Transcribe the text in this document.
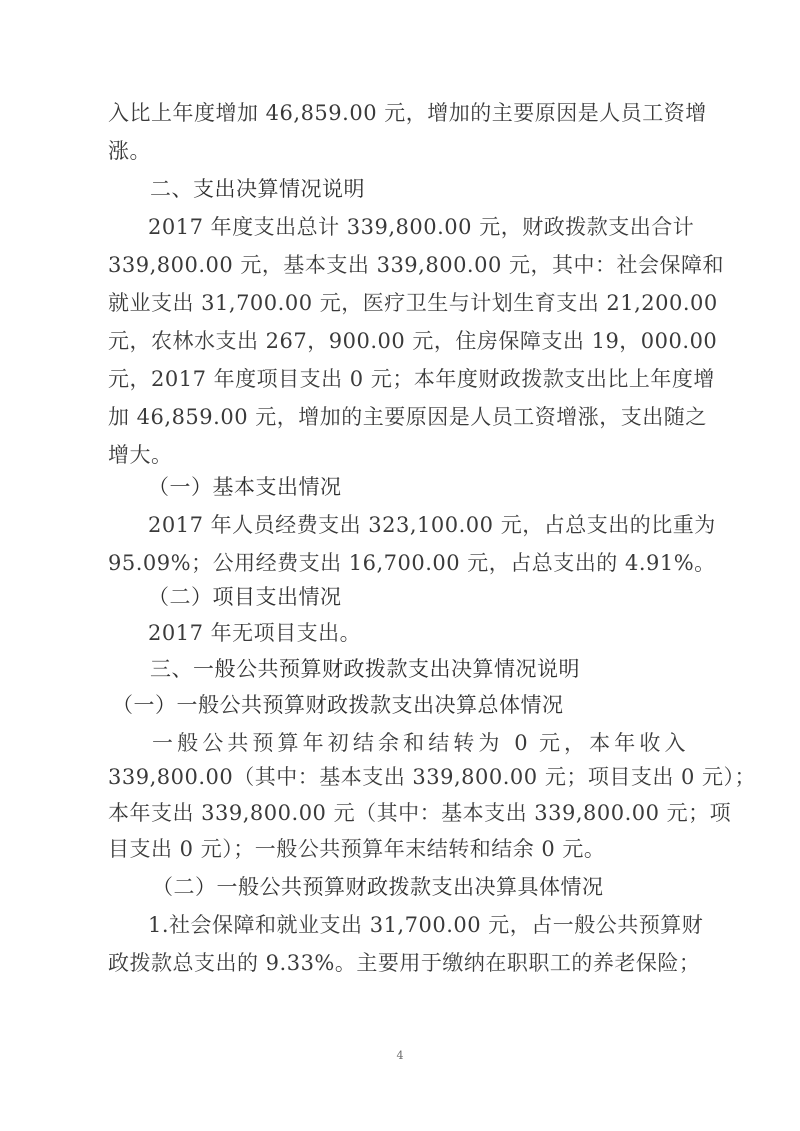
入比上年度增加 46,859.00 元，增加的主要原因是人员工资增
涨。
二、支出决算情况说明
2017 年度支出总计 339,800.00 元，财政拨款支出合计
339,800.00 元，基本支出 339,800.00 元，其中：社会保障和
就业支出 31,700.00 元，医疗卫生与计划生育支出 21,200.00
元，农林水支出 267，900.00 元，住房保障支出 19，000.00
元，2017 年度项目支出 0 元；本年度财政拨款支出比上年度增
加 46,859.00 元，增加的主要原因是人员工资增涨，支出随之
增大。
（一）基本支出情况
2017 年人员经费支出 323,100.00 元，占总支出的比重为
95.09%；公用经费支出 16,700.00 元，占总支出的 4.91%。
（二）项目支出情况
2017 年无项目支出。
三、一般公共预算财政拨款支出决算情况说明
（一）一般公共预算财政拨款支出决算总体情况
一般公共预算年初结余和结转为 0 元，本年收入
339,800.00（其中：基本支出 339,800.00 元；项目支出 0 元）；
本年支出 339,800.00 元（其中：基本支出 339,800.00 元；项
目支出 0 元）；一般公共预算年末结转和结余 0 元。
（二）一般公共预算财政拨款支出决算具体情况
1.社会保障和就业支出 31,700.00 元，占一般公共预算财
政拨款总支出的 9.33%。主要用于缴纳在职职工的养老保险；
4
